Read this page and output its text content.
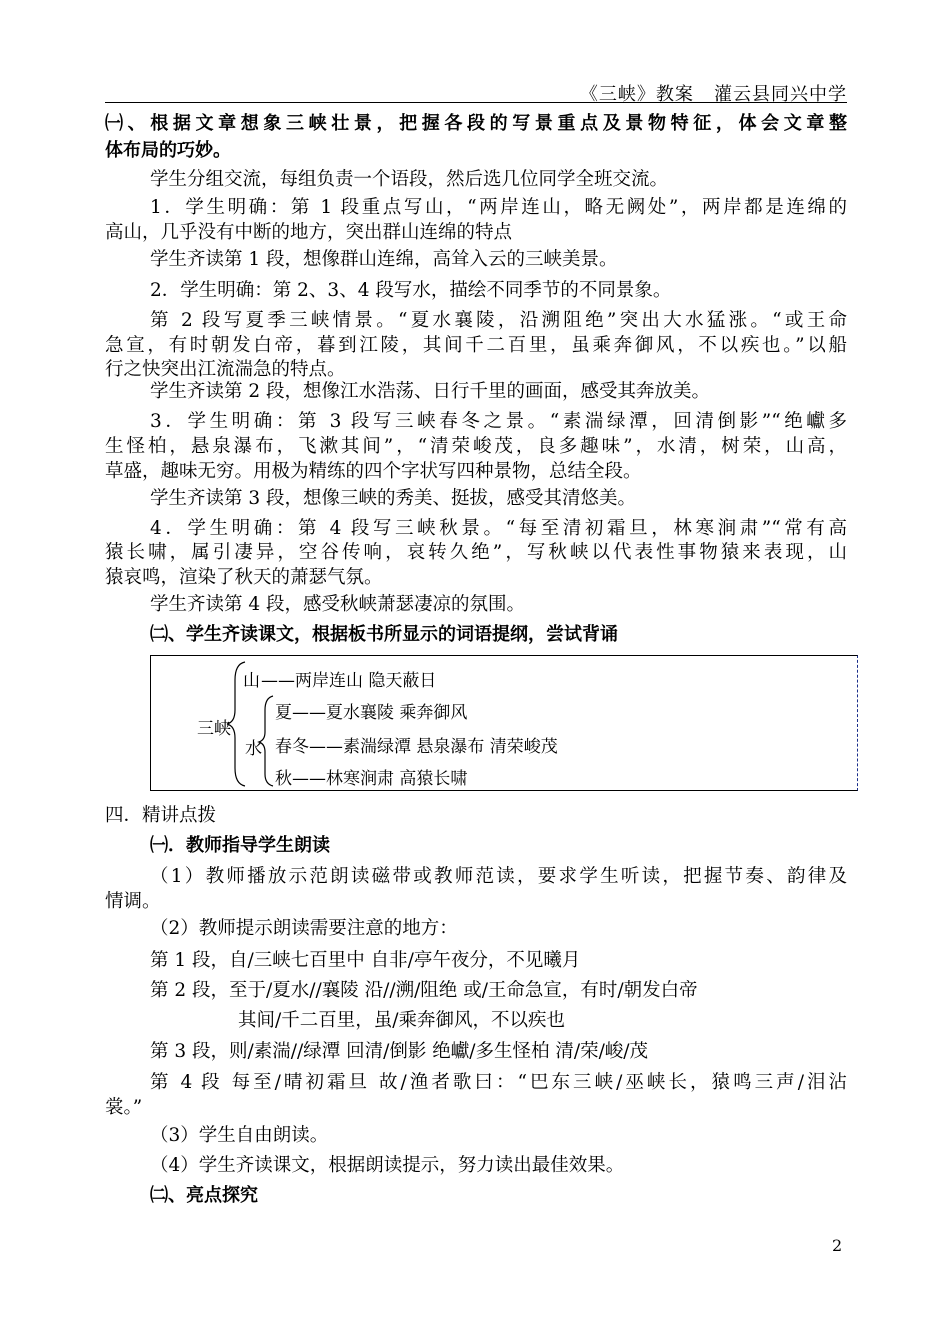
《三峡》教案   灌云县同兴中学
㈠、根据文章想象三峡壮景，把握各段的写景重点及景物特征，体会文章整
体布局的巧妙。
学生分组交流，每组负责一个语段，然后选几位同学全班交流。
1．学生明确：第 1 段重点写山，“两岸连山，略无阙处”，两岸都是连绵的
高山，几乎没有中断的地方，突出群山连绵的特点
学生齐读第 1 段，想像群山连绵，高耸入云的三峡美景。
2．学生明确：第 2、3、4 段写水，描绘不同季节的不同景象。
第 2 段写夏季三峡情景。“夏水襄陵，沿溯阻绝”突出大水猛涨。“或王命
急宣，有时朝发白帝，暮到江陵，其间千二百里，虽乘奔御风，不以疾也。”以船
行之快突出江流湍急的特点。
学生齐读第 2 段，想像江水浩荡、日行千里的画面，感受其奔放美。
3．学生明确：第 3 段写三峡春冬之景。“素湍绿潭，回清倒影”“绝巘多
生怪柏，悬泉瀑布，飞漱其间”，“清荣峻茂，良多趣味”，水清，树荣，山高，
草盛，趣味无穷。用极为精练的四个字状写四种景物，总结全段。
学生齐读第 3 段，想像三峡的秀美、挺拔，感受其清悠美。
4．学生明确：第 4 段写三峡秋景。“每至清初霜旦，林寒涧肃”“常有高
猿长啸，属引凄异，空谷传响，哀转久绝”，写秋峡以代表性事物猿来表现，山
猿哀鸣，渲染了秋天的萧瑟气氛。
学生齐读第 4 段，感受秋峡萧瑟凄凉的氛围。
㈡、学生齐读课文，根据板书所显示的词语提纲，尝试背诵
三峡
山 ——两岸连山 隐天蔽日
水
夏——夏水襄陵 乘奔御风
春冬——素湍绿潭 悬泉瀑布 清荣峻茂
秋——林寒涧肃 高猿长啸
四．精讲点拨
㈠．教师指导学生朗读
（1）教师播放示范朗读磁带或教师范读，要求学生听读，把握节奏、韵律及
情调。
（2）教师提示朗读需要注意的地方：
第 1 段，自/三峡七百里中 自非/亭午夜分，不见曦月
第 2 段，至于/夏水//襄陵 沿//溯/阻绝 或/王命急宣，有时/朝发白帝
其间/千二百里，虽/乘奔御风，不以疾也
第 3 段，则/素湍//绿潭 回清/倒影 绝巘/多生怪柏 清/荣/峻/茂
第 4 段 每至/晴初霜旦 故/渔者歌曰：“巴东三峡/巫峡长，猿鸣三声/泪沾
裳。”
（3）学生自由朗读。
（4）学生齐读课文，根据朗读提示，努力读出最佳效果。
㈡、亮点探究
2
